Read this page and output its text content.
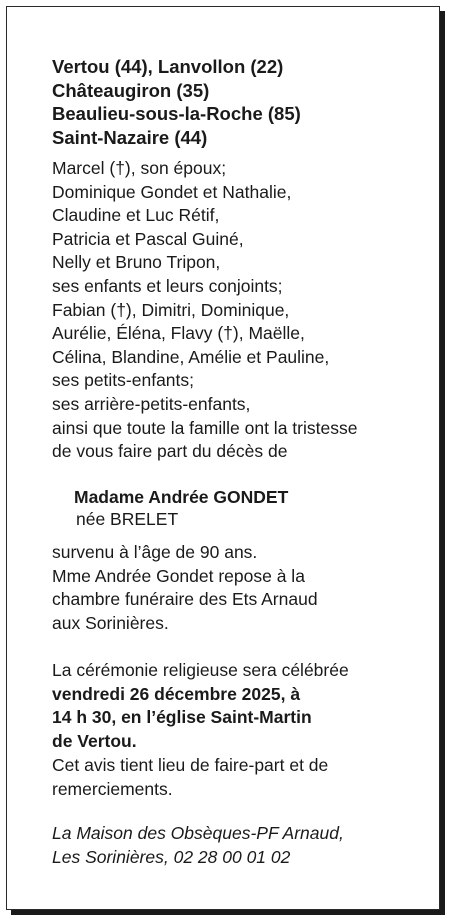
Vertou (44), Lanvollon (22)
Châteaugiron (35)
Beaulieu-sous-la-Roche (85)
Saint-Nazaire (44)
Marcel (†), son époux;
Dominique Gondet et Nathalie,
Claudine et Luc Rétif,
Patricia et Pascal Guiné,
Nelly et Bruno Tripon,
ses enfants et leurs conjoints;
Fabian (†), Dimitri, Dominique,
Aurélie, Éléna, Flavy (†), Maëlle,
Célina, Blandine, Amélie et Pauline,
ses petits-enfants;
ses arrière-petits-enfants,
ainsi que toute la famille ont la tristesse
de vous faire part du décès de
Madame Andrée GONDET
née BRELET
survenu à l’âge de 90 ans.
Mme Andrée Gondet repose à la
chambre funéraire des Ets Arnaud
aux Sorinières.
La cérémonie religieuse sera célébrée
vendredi 26 décembre 2025, à
14 h 30, en l’église Saint-Martin
de Vertou.
Cet avis tient lieu de faire-part et de
remerciements.
La Maison des Obsèques-PF Arnaud,
Les Sorinières, 02 28 00 01 02
